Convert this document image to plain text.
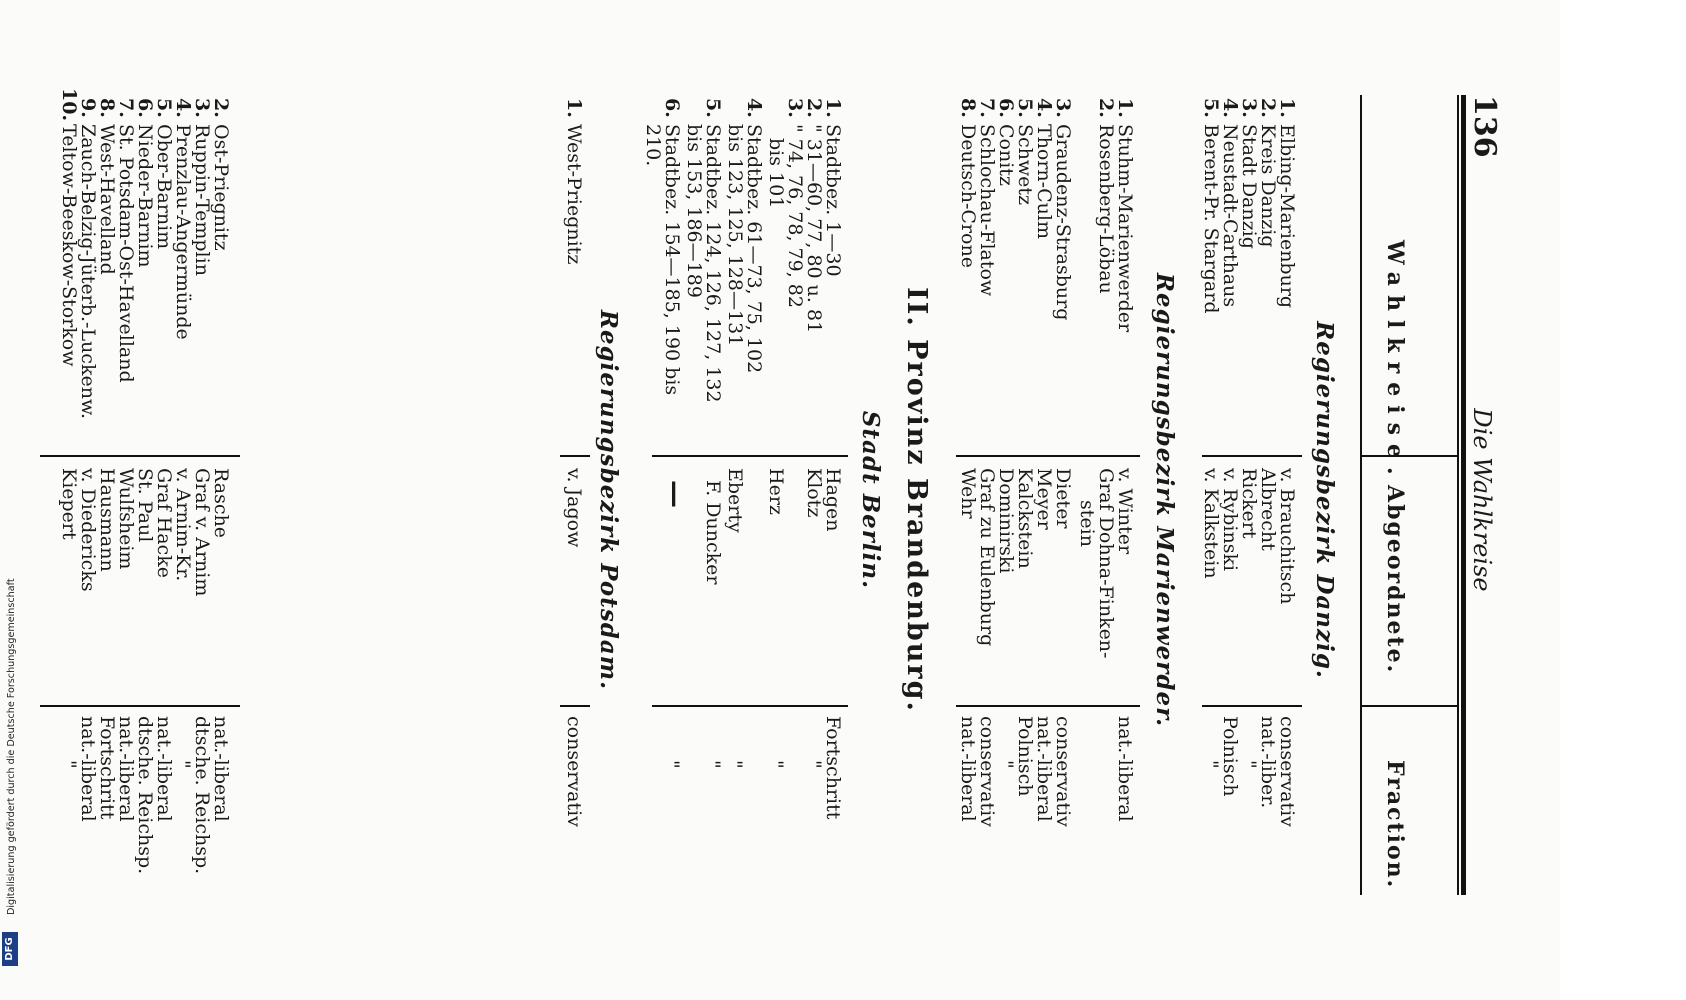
136
Die Wahlkreise
Wahlkreise.
Abgeordnete.
Fraction.
Regierungsbezirk Danzig.
1.Elbing-Marienburg
v. Brauchitsch
conservativ
2.Kreis Danzig
Albrecht
nat.-liber.
3.Stadt Danzig
Rickert
"
4.Neustadt-Carthaus
v. Rybinski
Polnisch
5.Berent-Pr. Stargard
v. Kalkstein
"
Regierungsbezirk Marienwerder.
1.Stuhm-Marienwerder
v. Winter
nat.-liberal
2.Rosenberg-Löbau
Graf Dohna-Finken-
stein
3.Graudenz-Strasburg
Dieter
conservativ
4.Thorn-Culm
Meyer
nat.-liberal
5.Schwetz
Kalckstein
Polnisch
6.Conitz
Dominirski
"
7.Schlochau-Flatow
Graf zu Eulenburg
conservativ
8.Deutsch-Crone
Wehr
nat.-liberal
II. Provinz Brandenburg.
Stadt Berlin.
1.Stadtbez. 1—30
Hagen
Fortschritt
2." 31—60, 77, 80 u. 81
Klotz
"
3." 74, 76, 78, 79, 82
bis 101
Herz
"
4.Stadtbez. 61—73, 75, 102
bis 123, 125, 128—131
Eberty
"
5.Stadtbez. 124, 126, 127, 132
bis 153, 186—189
F. Duncker
"
6.Stadtbez. 154—185, 190 bis
210.
—
"
Regierungsbezirk Potsdam.
1.West-Priegnitz
v. Jagow
conservativ
2.Ost-Priegnitz
Rasche
nat.-liberal
3.Ruppin-Templin
Graf v. Arnim
dtsche. Reichsp.
4.Prenzlau-Angermünde
v. Arnim-Kr.
"
5.Ober-Barnim
Graf Hacke
nat.-liberal
6.Nieder-Barnim
St. Paul
dtsche. Reichsp.
7.St. Potsdam-Ost-Havelland
Wulfsheim
nat.-liberal
8.West-Havelland
Hausmann
Fortschritt
9.Zauch-Belzig-Jüterb.-Luckenw.
v. Diedericks
nat.-liberal
10.Teltow-Beeskow-Storkow
Kiepert
"
Digitalisierung gefördert durch die Deutsche Forschungsgemeinschaft
DFG
